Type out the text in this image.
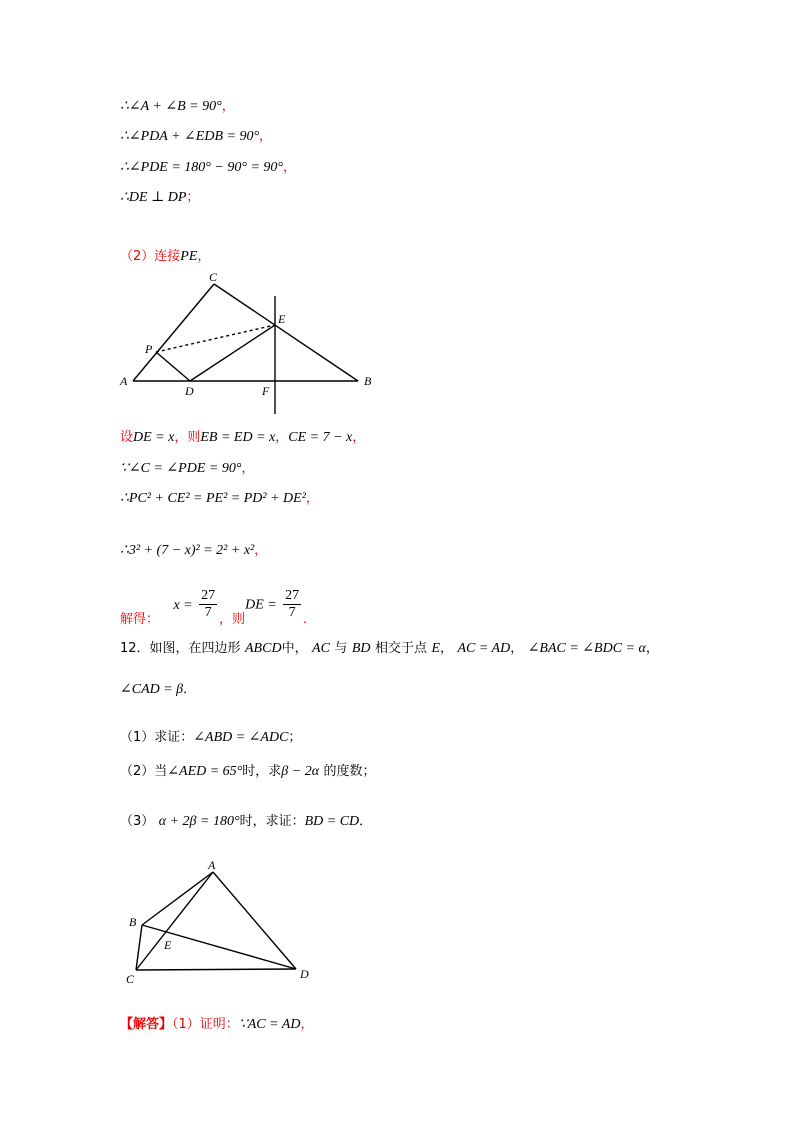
∴∠A + ∠B = 90°，
∴∠PDA + ∠EDB = 90°，
∴∠PDE = 180° − 90° = 90°，
∴DE ⊥ DP；
（2）连接PE，
A	B
C
D
E
F
P
设DE = x，则EB = ED = x，CE = 7 − x，
∵∠C = ∠PDE = 90°，
∴PC² + CE² = PE² = PD² + DE²，
∴3² + (7 − x)² = 2² + x²，
解得： $x = \frac{27}{7}$ ，则DE = $\frac{27}{7}$ ．
12．如图，在四边形 ABCD中， AC 与 BD 相交于点 E， AC = AD， ∠BAC = ∠BDC = α，
∠CAD = β．
（1）求证：∠ABD = ∠ADC；
（2）当∠AED = 65°时，求β − 2α 的度数；
（3） α + 2β = 180°时，求证：BD = CD．
A
B
C	D
E
【解答】（1）证明：∵AC = AD，
